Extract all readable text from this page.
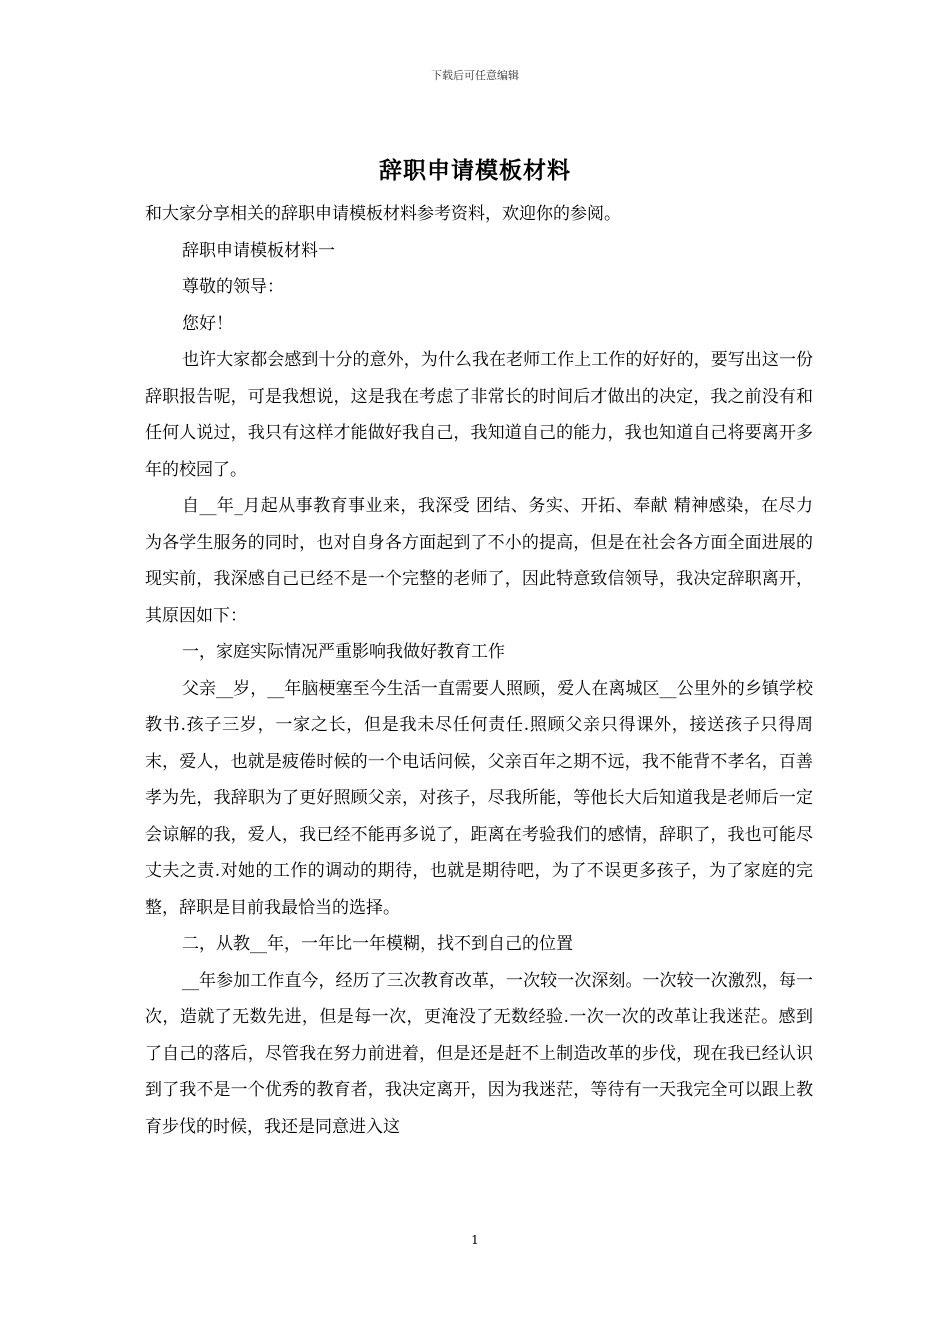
下载后可任意编辑
辞职申请模板材料

和大家分享相关的辞职申请模板材料参考资料，欢迎你的参阅。

辞职申请模板材料一

尊敬的领导：

您好！

也许大家都会感到十分的意外，为什么我在老师工作上工作的好好的，要写出这一份辞职报告呢，可是我想说，这是我在考虑了非常长的时间后才做出的决定，我之前没有和任何人说过，我只有这样才能做好我自己，我知道自己的能力，我也知道自己将要离开多年的校园了。

自__年_月起从事教育事业来，我深受 团结、务实、开拓、奉献 精神感染，在尽力为各学生服务的同时，也对自身各方面起到了不小的提高，但是在社会各方面全面进展的现实前，我深感自己已经不是一个完整的老师了，因此特意致信领导，我决定辞职离开，其原因如下：

一，家庭实际情况严重影响我做好教育工作

父亲__岁，__年脑梗塞至今生活一直需要人照顾，爱人在离城区__公里外的乡镇学校教书.孩子三岁，一家之长，但是我未尽任何责任.照顾父亲只得课外，接送孩子只得周末，爱人，也就是疲倦时候的一个电话问候，父亲百年之期不远，我不能背不孝名，百善孝为先，我辞职为了更好照顾父亲，对孩子，尽我所能，等他长大后知道我是老师后一定会谅解的我，爱人，我已经不能再多说了，距离在考验我们的感情，辞职了，我也可能尽丈夫之责.对她的工作的调动的期待，也就是期待吧，为了不误更多孩子，为了家庭的完整，辞职是目前我最恰当的选择。

二，从教__年，一年比一年模糊，找不到自己的位置

__年参加工作直今，经历了三次教育改革，一次较一次深刻。一次较一次激烈，每一次，造就了无数先进，但是每一次，更淹没了无数经验.一次一次的改革让我迷茫。感到了自己的落后，尽管我在努力前进着，但是还是赶不上制造改革的步伐，现在我已经认识到了我不是一个优秀的教育者，我决定离开，因为我迷茫，等待有一天我完全可以跟上教育步伐的时候，我还是同意进入这

1
